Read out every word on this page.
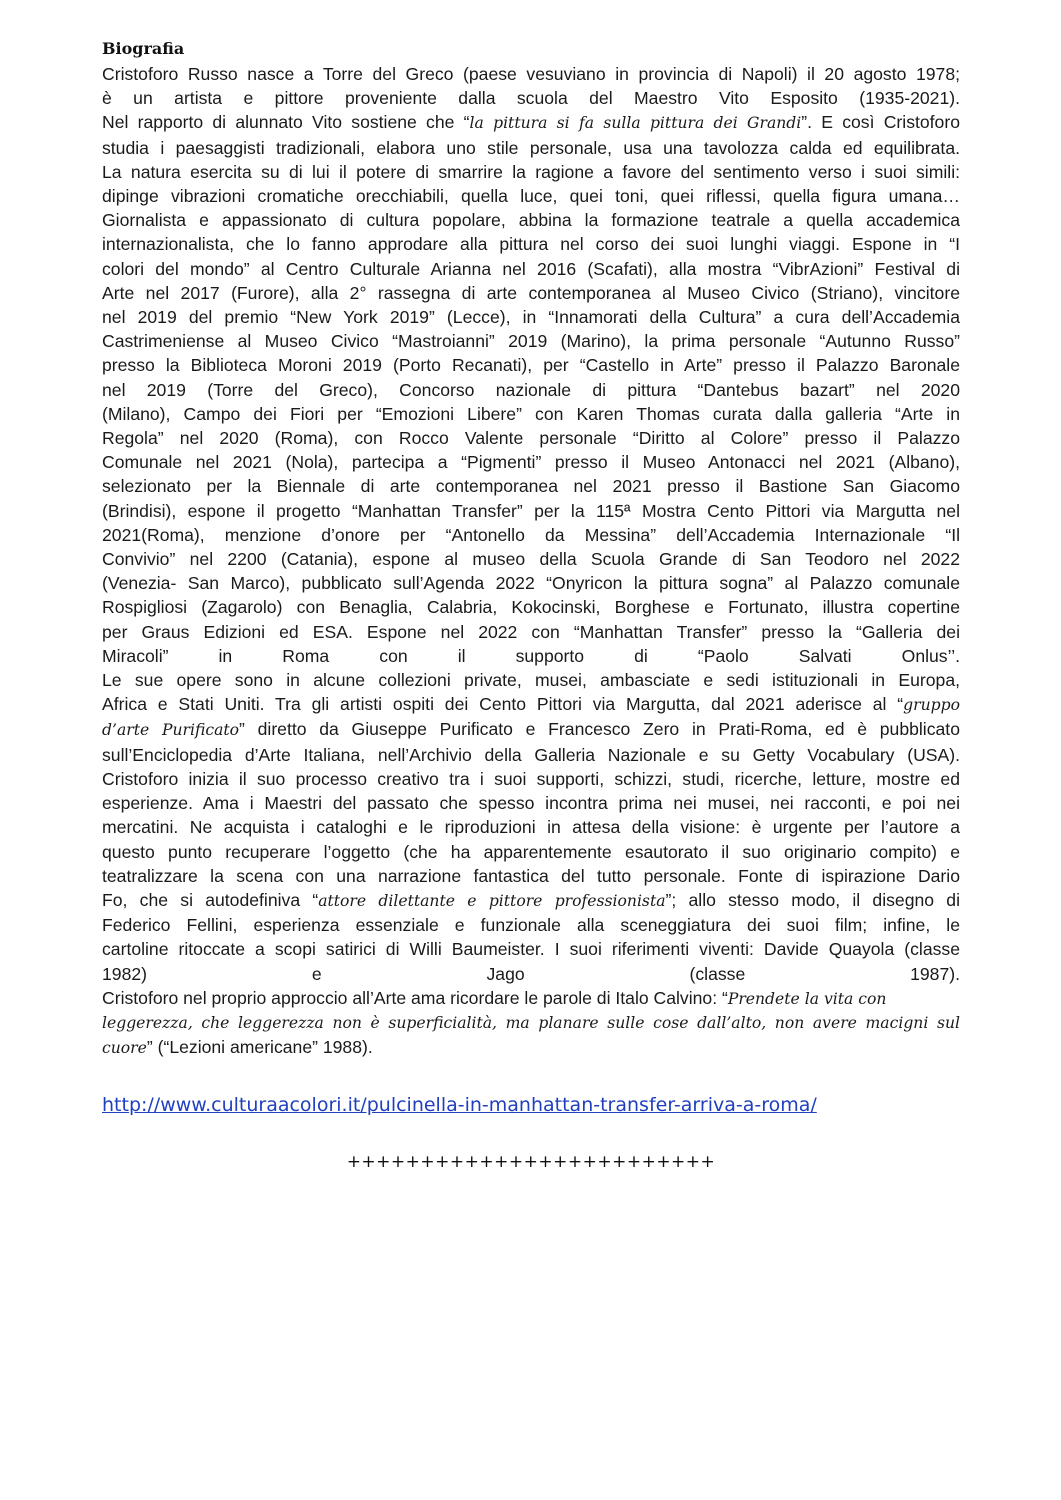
Biografia
Cristoforo Russo nasce a Torre del Greco (paese vesuviano in provincia di Napoli) il 20 agosto 1978;
è un artista e pittore proveniente dalla scuola del Maestro Vito Esposito (1935-2021).
Nel rapporto di alunnato Vito sostiene che “la pittura si fa sulla pittura dei Grandi”. E così Cristoforo
studia i paesaggisti tradizionali, elabora uno stile personale, usa una tavolozza calda ed equilibrata.
La natura esercita su di lui il potere di smarrire la ragione a favore del sentimento verso i suoi simili:
dipinge vibrazioni cromatiche orecchiabili, quella luce, quei toni, quei riflessi, quella figura umana…
Giornalista e appassionato di cultura popolare, abbina la formazione teatrale a quella accademica
internazionalista, che lo fanno approdare alla pittura nel corso dei suoi lunghi viaggi. Espone in “I
colori del mondo” al Centro Culturale Arianna nel 2016 (Scafati), alla mostra “VibrAzioni” Festival di
Arte nel 2017 (Furore), alla 2° rassegna di arte contemporanea al Museo Civico (Striano), vincitore
nel 2019 del premio “New York 2019” (Lecce), in “Innamorati della Cultura” a cura dell’Accademia
Castrimeniense al Museo Civico “Mastroianni” 2019 (Marino), la prima personale “Autunno Russo”
presso la Biblioteca Moroni 2019 (Porto Recanati), per “Castello in Arte” presso il Palazzo Baronale
nel 2019 (Torre del Greco), Concorso nazionale di pittura “Dantebus bazart” nel 2020
(Milano), Campo dei Fiori per “Emozioni Libere” con Karen Thomas curata dalla galleria “Arte in
Regola” nel 2020 (Roma), con Rocco Valente personale “Diritto al Colore” presso il Palazzo
Comunale nel 2021 (Nola), partecipa a “Pigmenti” presso il Museo Antonacci nel 2021 (Albano),
selezionato per la Biennale di arte contemporanea nel 2021 presso il Bastione San Giacomo
(Brindisi), espone il progetto “Manhattan Transfer” per la 115ª Mostra Cento Pittori via Margutta nel
2021(Roma), menzione d’onore per “Antonello da Messina” dell’Accademia Internazionale “Il
Convivio” nel 2200 (Catania), espone al museo della Scuola Grande di San Teodoro nel 2022
(Venezia- San Marco), pubblicato sull’Agenda 2022 “Onyricon la pittura sogna” al Palazzo comunale
Rospigliosi (Zagarolo) con Benaglia, Calabria, Kokocinski, Borghese e Fortunato, illustra copertine
per Graus Edizioni ed ESA. Espone nel 2022 con “Manhattan Transfer” presso la “Galleria dei
Miracoli” in Roma con il supporto di “Paolo Salvati Onlus’’.
Le sue opere sono in alcune collezioni private, musei, ambasciate e sedi istituzionali in Europa,
Africa e Stati Uniti. Tra gli artisti ospiti dei Cento Pittori via Margutta, dal 2021 aderisce al “gruppo
d’arte Purificato” diretto da Giuseppe Purificato e Francesco Zero in Prati-Roma, ed è pubblicato
sull’Enciclopedia d’Arte Italiana, nell’Archivio della Galleria Nazionale e su Getty Vocabulary (USA).
Cristoforo inizia il suo processo creativo tra i suoi supporti, schizzi, studi, ricerche, letture, mostre ed
esperienze. Ama i Maestri del passato che spesso incontra prima nei musei, nei racconti, e poi nei
mercatini. Ne acquista i cataloghi e le riproduzioni in attesa della visione: è urgente per l’autore a
questo punto recuperare l’oggetto (che ha apparentemente esautorato il suo originario compito) e
teatralizzare la scena con una narrazione fantastica del tutto personale. Fonte di ispirazione Dario
Fo, che si autodefiniva “attore dilettante e pittore professionista”; allo stesso modo, il disegno di
Federico Fellini, esperienza essenziale e funzionale alla sceneggiatura dei suoi film; infine, le
cartoline ritoccate a scopi satirici di Willi Baumeister. I suoi riferimenti viventi: Davide Quayola (classe
1982) e Jago (classe 1987).
Cristoforo nel proprio approccio all’Arte ama ricordare le parole di Italo Calvino: “Prendete la vita con
leggerezza, che leggerezza non è superficialità, ma planare sulle cose dall’alto, non avere macigni sul
cuore” (“Lezioni americane” 1988).
http://www.culturaacolori.it/pulcinella-in-manhattan-transfer-arriva-a-roma/
+++++++++++++++++++++++++
